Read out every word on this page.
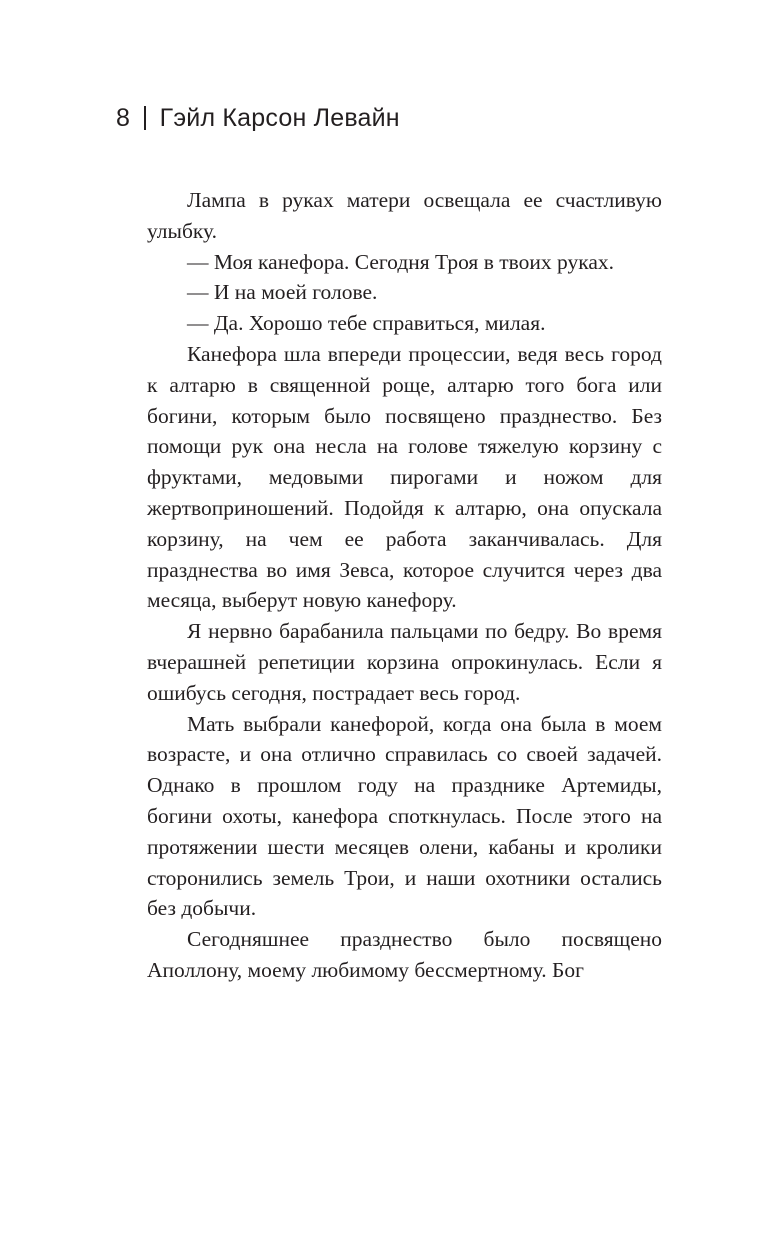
8 Гэйл Карсон Левайн

Лампа в руках матери освещала ее счастливую улыбку.

— Моя канефора. Сегодня Троя в твоих руках.

— И на моей голове.

— Да. Хорошо тебе справиться, милая.

Канефора шла впереди процессии, ведя весь город к алтарю в священной роще, алтарю того бога или богини, которым было посвящено празднество. Без помощи рук она несла на голове тяжелую корзину с фруктами, медовыми пирогами и ножом для жертвоприношений. Подойдя к алтарю, она опускала корзину, на чем ее работа заканчивалась. Для празднества во имя Зевса, которое случится через два месяца, выберут новую канефору.

Я нервно барабанила пальцами по бедру. Во время вчерашней репетиции корзина опрокинулась. Если я ошибусь сегодня, пострадает весь город.

Мать выбрали канефорой, когда она была в моем возрасте, и она отлично справилась со своей задачей. Однако в прошлом году на празднике Артемиды, богини охоты, канефора споткнулась. После этого на протяжении шести месяцев олени, кабаны и кролики сторонились земель Трои, и наши охотники остались без добычи.

Сегодняшнее празднество было посвящено Аполлону, моему любимому бессмертному. Бог
